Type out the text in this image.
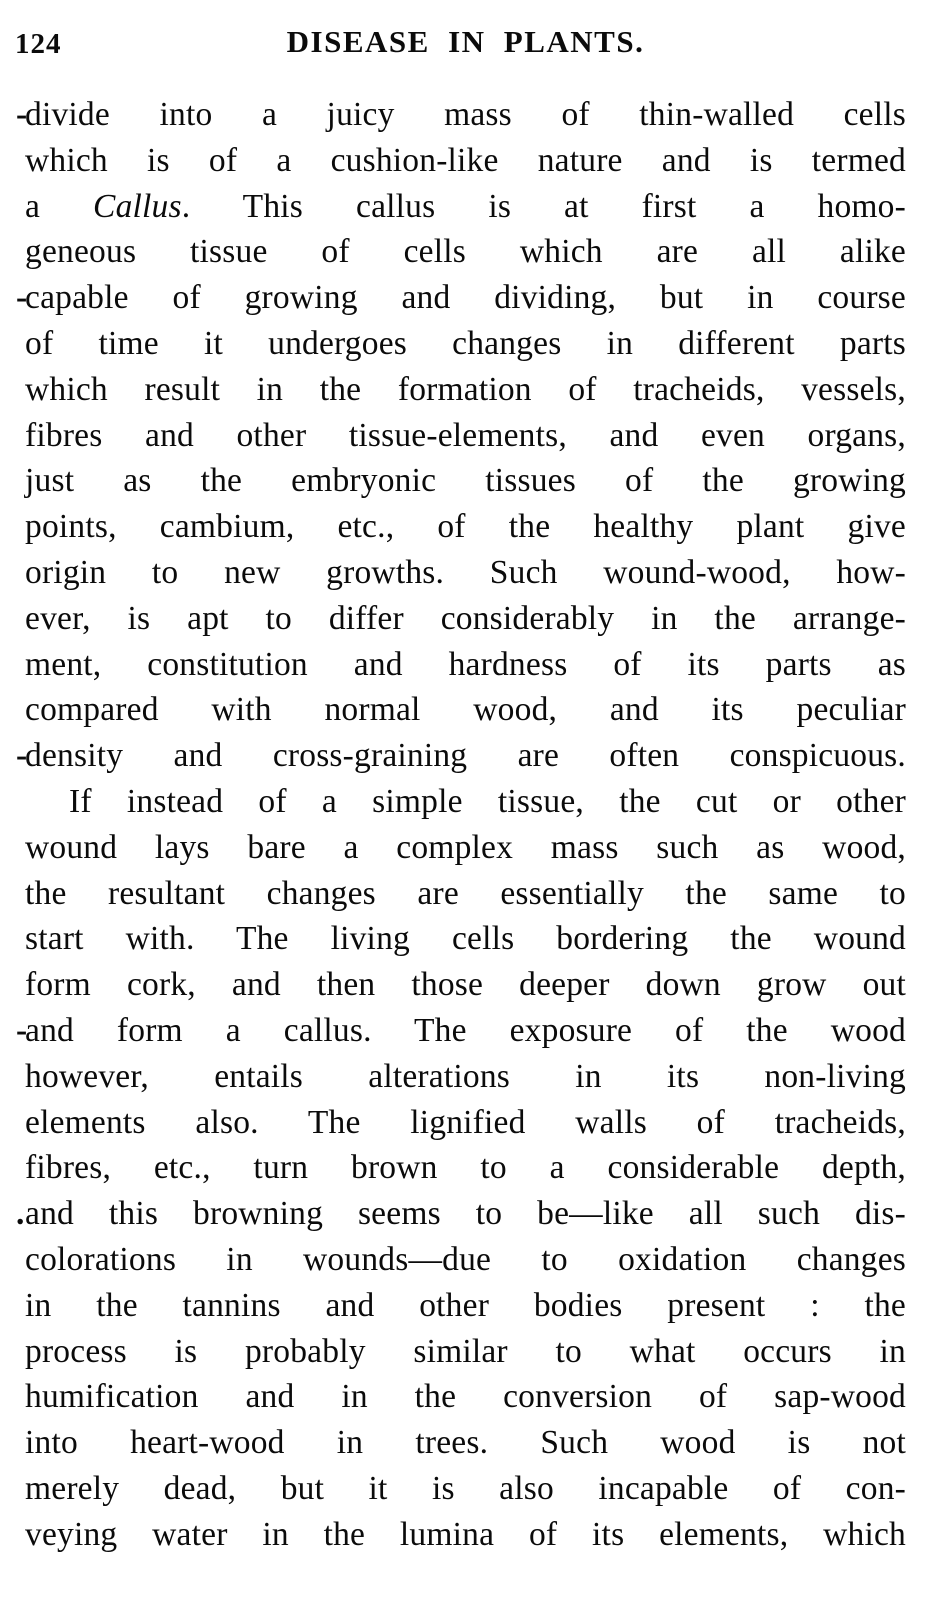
124	DISEASE IN PLANTS.
divide into a juicy mass of thin-walled cells
-
which is of a cushion-like nature and is termed
a Callus. This callus is at first a homo-
geneous tissue of cells which are all alike
capable of growing and dividing, but in course
-
of time it undergoes changes in different parts
which result in the formation of tracheids, vessels,
fibres and other tissue-elements, and even organs,
just as the embryonic tissues of the growing
points, cambium, etc., of the healthy plant give
origin to new growths. Such wound-wood, how-
ever, is apt to differ considerably in the arrange-
ment, constitution and hardness of its parts as
compared with normal wood, and its peculiar
density and cross-graining are often conspicuous.
-
If instead of a simple tissue, the cut or other
wound lays bare a complex mass such as wood,
the resultant changes are essentially the same to
start with. The living cells bordering the wound
form cork, and then those deeper down grow out
and form a callus. The exposure of the wood
-
however, entails alterations in its non-living
elements also. The lignified walls of tracheids,
fibres, etc., turn brown to a considerable depth,
and this browning seems to be—like all such dis-
.
colorations in wounds—due to oxidation changes
in the tannins and other bodies present : the
process is probably similar to what occurs in
humification and in the conversion of sap-wood
into heart-wood in trees. Such wood is not
merely dead, but it is also incapable of con-
veying water in the lumina of its elements, which
